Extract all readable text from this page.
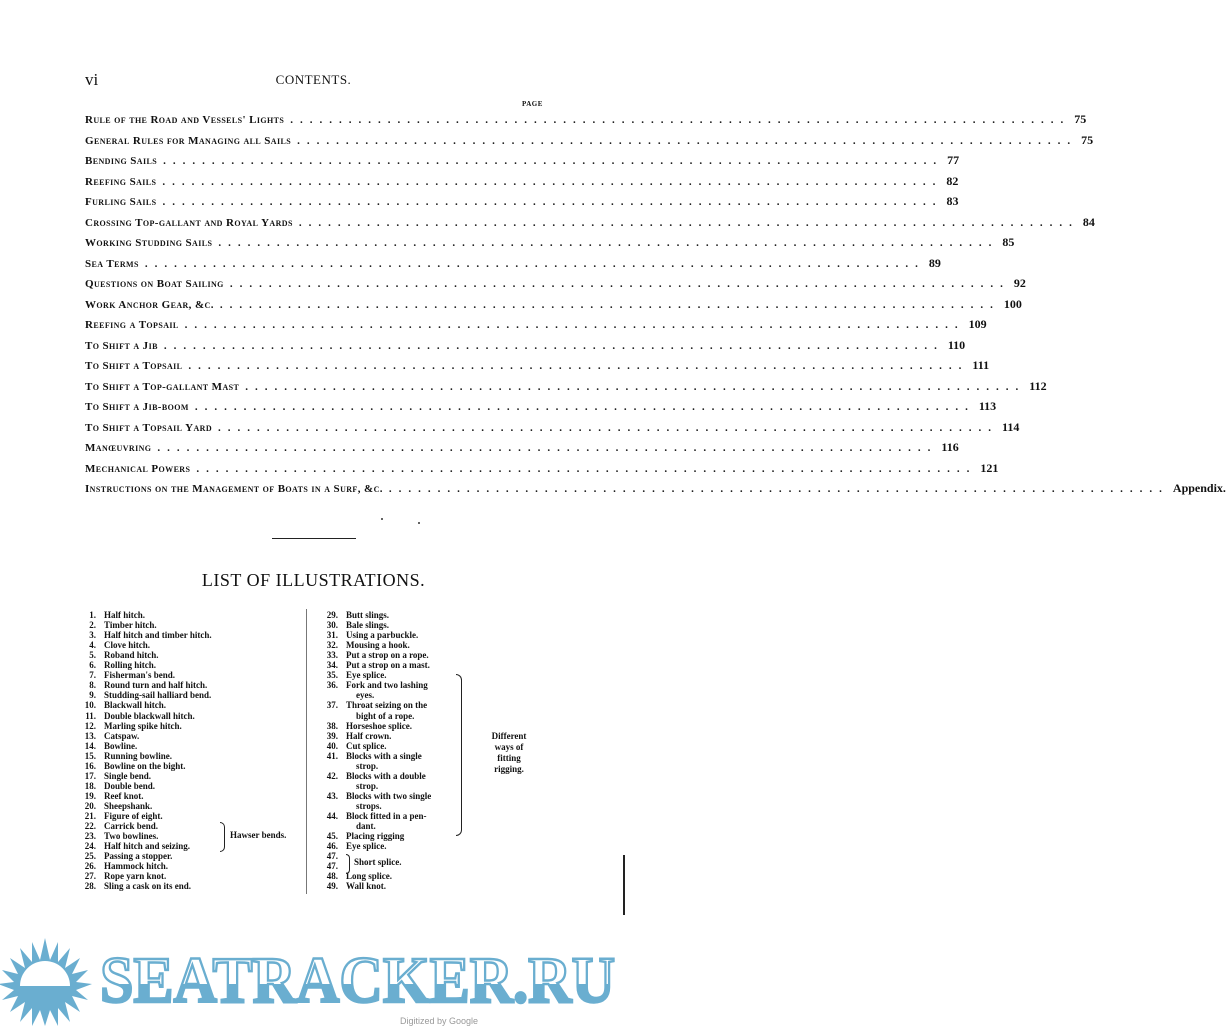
vi	CONTENTS.
PAGE
Rule of the Road and Vessels' Lights ................................................................................ 75
General Rules for Managing all Sails ................................................................................ 75
Bending Sails ................................................................................ 77
Reefing Sails ................................................................................ 82
Furling Sails ................................................................................ 83
Crossing Top-gallant and Royal Yards ................................................................................ 84
Working Studding Sails ................................................................................ 85
Sea Terms ................................................................................ 89
Questions on Boat Sailing ................................................................................ 92
Work Anchor Gear, &c. ................................................................................ 100
Reefing a Topsail ................................................................................ 109
To Shift a Jib ................................................................................ 110
To Shift a Topsail ................................................................................ 111
To Shift a Top-gallant Mast ................................................................................ 112
To Shift a Jib-boom ................................................................................ 113
To Shift a Topsail Yard ................................................................................ 114
Manœuvring ................................................................................ 116
Mechanical Powers ................................................................................ 121
Instructions on the Management of Boats in a Surf, &c. ................................................................................ Appendix.
LIST OF ILLUSTRATIONS.
1. Half hitch.
2. Timber hitch.
3. Half hitch and timber hitch.
4. Clove hitch.
5. Roband hitch.
6. Rolling hitch.
7. Fisherman's bend.
8. Round turn and half hitch.
9. Studding-sail halliard bend.
10. Blackwall hitch.
11. Double blackwall hitch.
12. Marling spike hitch.
13. Catspaw.
14. Bowline.
15. Running bowline.
16. Bowline on the bight.
17. Single bend.
18. Double bend.
19. Reef knot.
20. Sheepshank.
21. Figure of eight.
22. Carrick bend.
23. Two bowlines.
24. Half hitch and seizing.
25. Passing a stopper.
26. Hammock hitch.
27. Rope yarn knot.
28. Sling a cask on its end.
29. Butt slings.
30. Bale slings.
31. Using a parbuckle.
32. Mousing a hook.
33. Put a strop on a rope.
34. Put a strop on a mast.
35. Eye splice.
36. Fork and two lashing
eyes.
37. Throat seizing on the
bight of a rope.
38. Horseshoe splice.
39. Half crown.
40. Cut splice.
41. Blocks with a single
strop.
42. Blocks with a double
strop.
43. Blocks with two single
strops.
44. Block fitted in a pen-
dant.
45. Placing rigging
46. Eye splice.
47.
47.
48. Long splice.
49. Wall knot.
Hawser bends.
Different ways of fitting rigging.
Short splice.
SEATRACKER.RU
Digitized by Google
